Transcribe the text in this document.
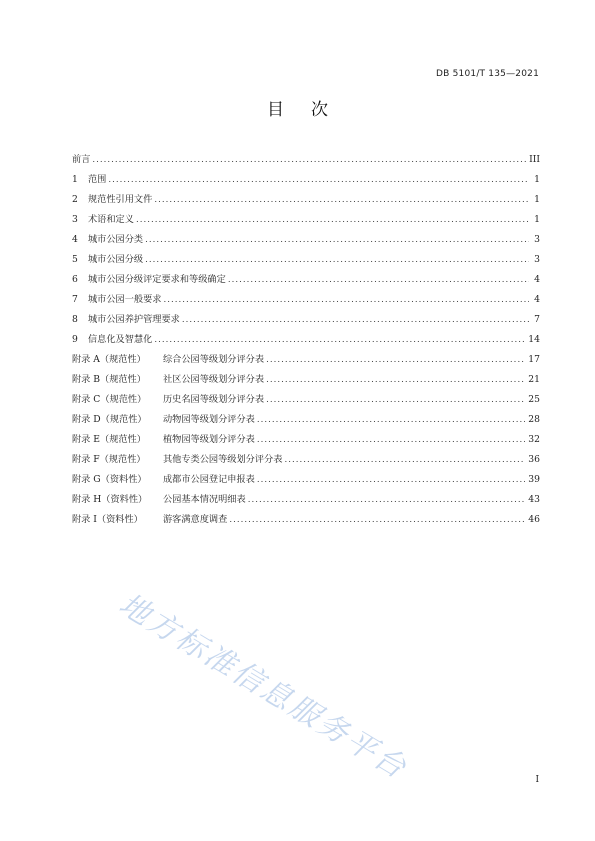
DB 5101/T 135—2021
目次
前言 .....	III
1	范围 .....	1
2	规范性引用文件 .....	1
3	术语和定义 .....	1
4	城市公园分类 .....	3
5	城市公园分级 .....	3
6	城市公园分级评定要求和等级确定 .....	4
7	城市公园一般要求 .....	4
8	城市公园养护管理要求 .....	7
9	信息化及智慧化 .....	14
附录 A（规范性）	综合公园等级划分评分表 .....	17
附录 B（规范性）	社区公园等级划分评分表 .....	21
附录 C（规范性）	历史名园等级划分评分表 .....	25
附录 D（规范性）	动物园等级划分评分表 .....	28
附录 E（规范性）	植物园等级划分评分表 .....	32
附录 F（规范性）	其他专类公园等级划分评分表 .....	36
附录 G（资料性）	成都市公园登记申报表 .....	39
附录 H（资料性）	公园基本情况明细表 .....	43
附录 I（资料性）	游客满意度调查 .....	46
地方标准信息服务平台	I
